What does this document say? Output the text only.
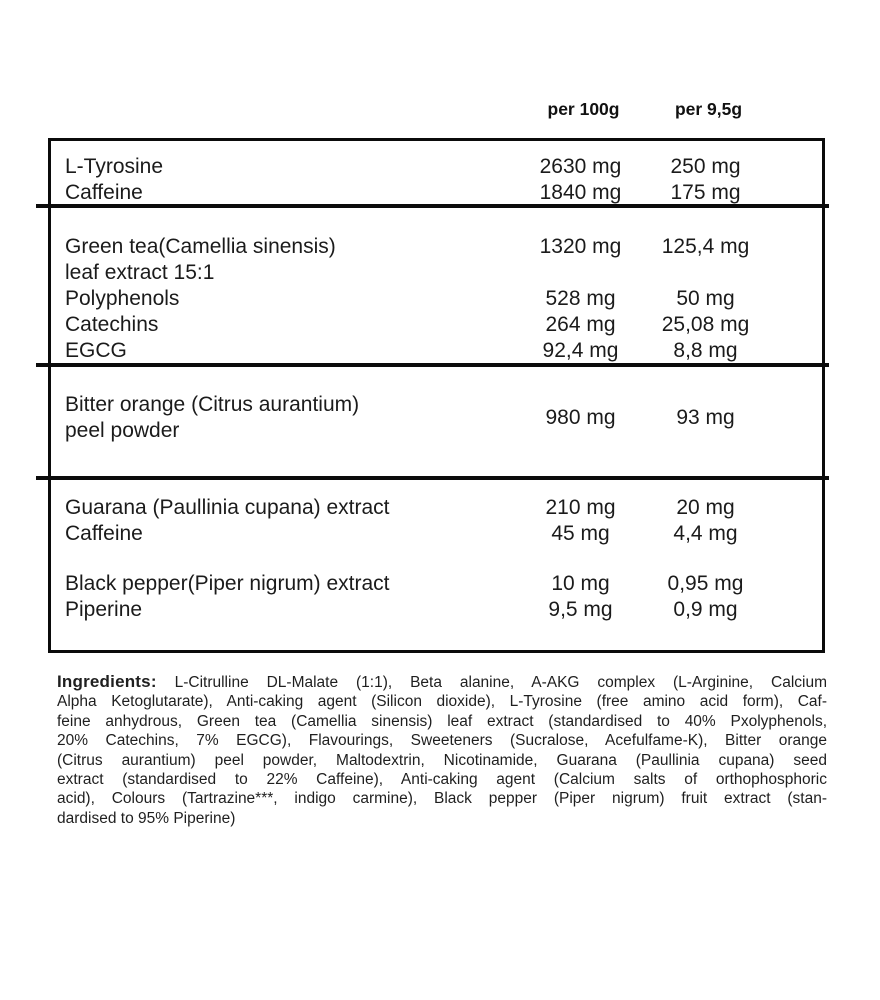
per 100g	per 9,5g
L-Tyrosine	2630 mg	250 mg
Caffeine	1840 mg	175 mg
Green tea(Camellia sinensis)	1320 mg	125,4 mg
leaf extract 15:1
Polyphenols	528 mg	50 mg
Catechins	264 mg	25,08 mg
EGCG	92,4 mg	8,8 mg
Bitter orange (Citrus aurantium)
peel powder
980 mg	93 mg
Guarana (Paullinia cupana) extract	210 mg	20 mg
Caffeine	45 mg	4,4 mg
Black pepper(Piper nigrum) extract	10 mg	0,95 mg
Piperine	9,5 mg	0,9 mg
Ingredients: L-Citrulline DL-Malate (1:1), Beta alanine, A-AKG complex (L-Arginine, Calcium
Alpha Ketoglutarate), Anti-caking agent (Silicon dioxide), L-Tyrosine (free amino acid form), Caf-
feine anhydrous, Green tea (Camellia sinensis) leaf extract (standardised to 40% Pxolyphenols,
20% Catechins, 7% EGCG), Flavourings, Sweeteners (Sucralose, Acefulfame-K), Bitter orange
(Citrus aurantium) peel powder, Maltodextrin, Nicotinamide, Guarana (Paullinia cupana) seed
extract (standardised to 22% Caffeine), Anti-caking agent (Calcium salts of orthophosphoric
acid), Colours (Tartrazine***, indigo carmine), Black pepper (Piper nigrum) fruit extract (stan-
dardised to 95% Piperine)
